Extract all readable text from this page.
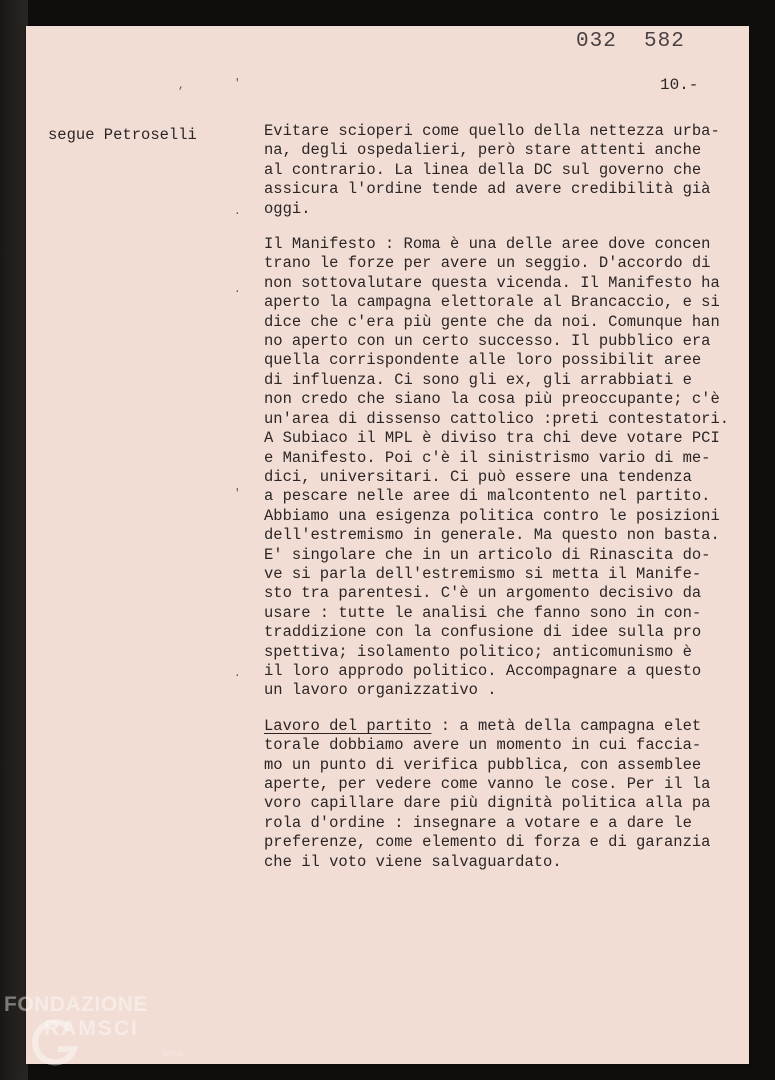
032  582

10.-

,	'

.

.

'

.

segue Petroselli	Evitare scioperi come quello della nettezza urba-
na, degli ospedalieri, però stare attenti anche
al contrario. La linea della DC sul governo che
assicura l'ordine tende ad avere credibilità già
oggi.

Il Manifesto : Roma è una delle aree dove concen
trano le forze per avere un seggio. D'accordo di
non sottovalutare questa vicenda. Il Manifesto ha
aperto la campagna elettorale al Brancaccio, e si
dice che c'era più gente che da noi. Comunque han
no aperto con un certo successo. Il pubblico era
quella corrispondente alle loro possibilit aree
di influenza. Ci sono gli ex, gli arrabbiati e
non credo che siano la cosa più preoccupante; c'è
un'area di dissenso cattolico :preti contestatori.
A Subiaco il MPL è diviso tra chi deve votare PCI
e Manifesto. Poi c'è il sinistrismo vario di me-
dici, universitari. Ci può essere una tendenza
a pescare nelle aree di malcontento nel partito.
Abbiamo una esigenza politica contro le posizioni
dell'estremismo in generale. Ma questo non basta.
E' singolare che in un articolo di Rinascita do-
ve si parla dell'estremismo si metta il Manife-
sto tra parentesi. C'è un argomento decisivo da
usare : tutte le analisi che fanno sono in con-
traddizione con la confusione di idee sulla pro
spettiva; isolamento politico; anticomunismo è
il loro approdo politico. Accompagnare a questo
un lavoro organizzativo .

Lavoro del partito : a metà della campagna elet
torale dobbiamo avere un momento in cui faccia-
mo un punto di verifica pubblica, con assemblee
aperte, per vedere come vanno le cose. Per il la
voro capillare dare più dignità politica alla pa
rola d'ordine : insegnare a votare e a dare le
preferenze, come elemento di forza e di garanzia
che il voto viene salvaguardato.

FONDAZIONE
RAMSCI
onlus
